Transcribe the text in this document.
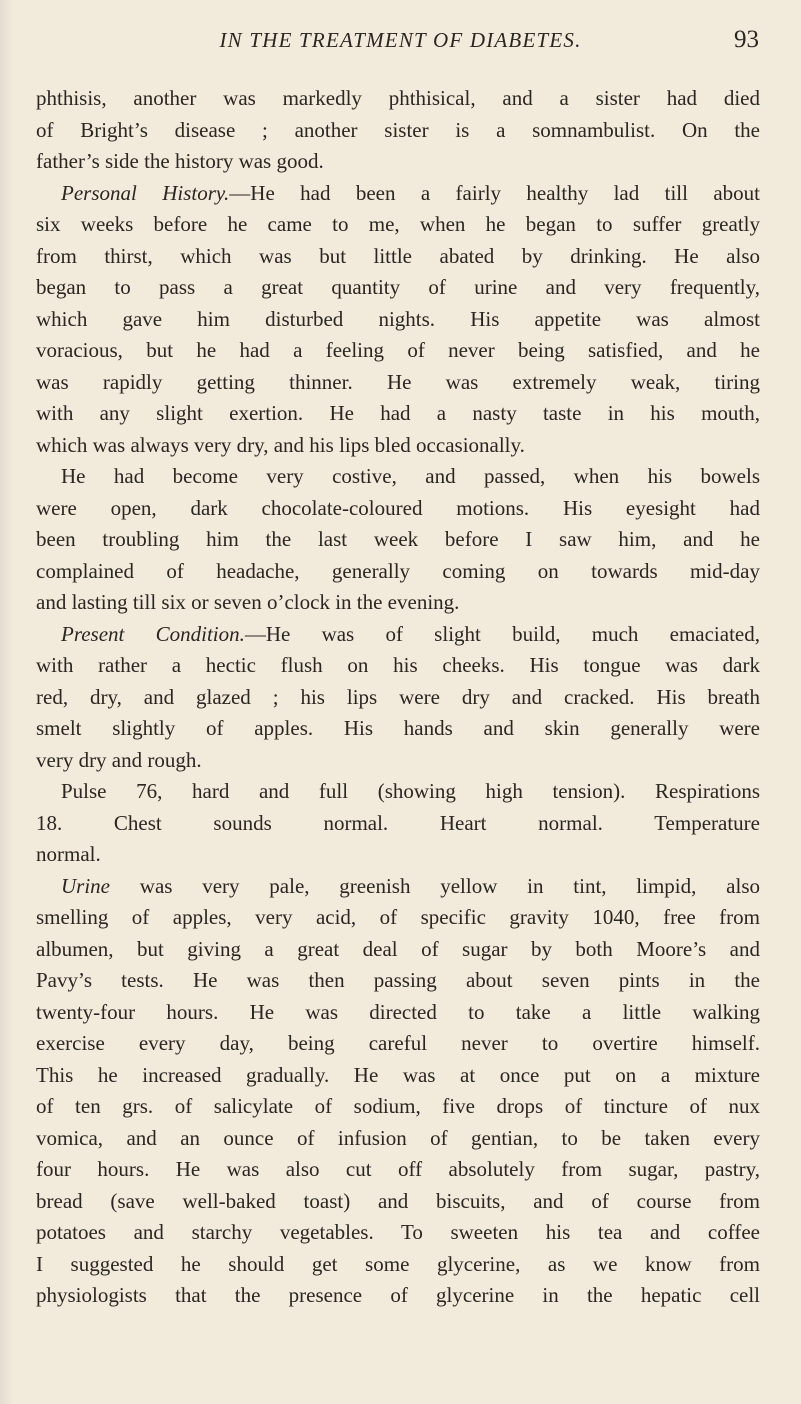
IN THE TREATMENT OF DIABETES.	93
phthisis, another was markedly phthisical, and a sister had died
of Bright’s disease ; another sister is a somnambulist. On the
father’s side the history was good.
Personal History.—He had been a fairly healthy lad till about
six weeks before he came to me, when he began to suffer greatly
from thirst, which was but little abated by drinking. He also
began to pass a great quantity of urine and very frequently,
which gave him disturbed nights. His appetite was almost
voracious, but he had a feeling of never being satisfied, and he
was rapidly getting thinner. He was extremely weak, tiring
with any slight exertion. He had a nasty taste in his mouth,
which was always very dry, and his lips bled occasionally.
He had become very costive, and passed, when his bowels
were open, dark chocolate-coloured motions. His eyesight had
been troubling him the last week before I saw him, and he
complained of headache, generally coming on towards mid-day
and lasting till six or seven o’clock in the evening.
Present Condition.—He was of slight build, much emaciated,
with rather a hectic flush on his cheeks. His tongue was dark
red, dry, and glazed ; his lips were dry and cracked. His breath
smelt slightly of apples. His hands and skin generally were
very dry and rough.
Pulse 76, hard and full (showing high tension). Respirations
18. Chest sounds normal. Heart normal. Temperature
normal.
Urine was very pale, greenish yellow in tint, limpid, also
smelling of apples, very acid, of specific gravity 1040, free from
albumen, but giving a great deal of sugar by both Moore’s and
Pavy’s tests. He was then passing about seven pints in the
twenty-four hours. He was directed to take a little walking
exercise every day, being careful never to overtire himself.
This he increased gradually. He was at once put on a mixture
of ten grs. of salicylate of sodium, five drops of tincture of nux
vomica, and an ounce of infusion of gentian, to be taken every
four hours. He was also cut off absolutely from sugar, pastry,
bread (save well-baked toast) and biscuits, and of course from
potatoes and starchy vegetables. To sweeten his tea and coffee
I suggested he should get some glycerine, as we know from
physiologists that the presence of glycerine in the hepatic cell
